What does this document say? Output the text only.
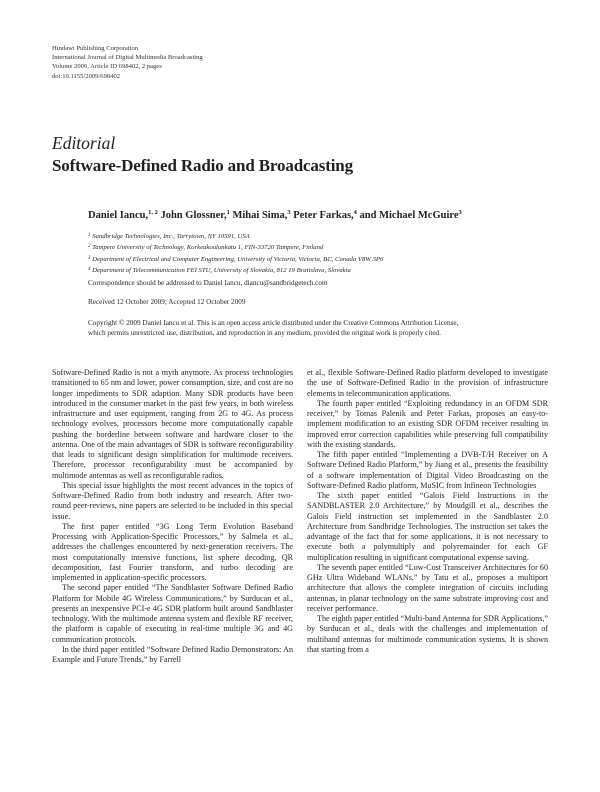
Hindawi Publishing Corporation
International Journal of Digital Multimedia Broadcasting
Volume 2009, Article ID 698402, 2 pages
doi:10.1155/2009/698402
Editorial
Software-Defined Radio and Broadcasting
Daniel Iancu,$^{1, 2}$ John Glossner,$^1$ Mihai Sima,$^3$ Peter Farkas,$^4$ and Michael McGuire$^3$
$^1$ Sandbridge Technologies, Inc., Tarrytown, NY 10591, USA
$^2$ Tampere University of Technology, Korkeakoulunkatu 1, FIN-33720 Tampere, Finland
$^3$ Department of Electrical and Computer Engineering, University of Victoria, Victoria, BC, Canada V8W 3P6
$^4$ Department of Telecommunication FEI STU, University of Slovakia, 812 19 Bratislava, Slovakia
Correspondence should be addressed to Daniel Iancu, diancu@sandbridgetech.com
Received 12 October 2009; Accepted 12 October 2009
Copyright © 2009 Daniel Iancu et al. This is an open access article distributed under the Creative Commons Attribution License,
which permits unrestricted use, distribution, and reproduction in any medium, provided the original work is properly cited.

Software-Defined Radio is not a myth anymore. As process technologies transitioned to 65 nm and lower, power consumption, size, and cost are no longer impediments to SDR adaption. Many SDR products have been introduced in the consumer market in the past few years, in both wireless infrastructure and user equipment, ranging from 2G to 4G. As process technology evolves, processors become more computationally capable pushing the borderline between software and hardware closer to the antenna. One of the main advantages of SDR is software reconfigurability that leads to significant design simplification for multimode receivers. Therefore, processor reconfigurability must be accompanied by multimode antennas as well as reconfigurable radios.

This special issue highlights the most recent advances in the topics of Software-Defined Radio from both industry and research. After two-round peer-reviews, nine papers are selected to be included in this special issue.

The first paper entitled “3G Long Term Evolution Baseband Processing with Application-Specific Processors,” by Salmela et al., addresses the challenges encountered by next-generation receivers. The most computationally intensive functions, list sphere decoding, QR decomposition, fast Fourier transform, and turbo decoding are implemented in application-specific processors.

The second paper entitled “The Sandblaster Software Defined Radio Platform for Mobile 4G Wireless Communications,” by Surducan et al., presents an inexpensive PCI-e 4G SDR platform built around Sandblaster technology. With the multimode antenna system and flexible RF receiver, the platform is capable of executing in real-time multiple 3G and 4G communication protocols.

In the third paper entitled “Software Defined Radio Demonstrators: An Example and Future Trends,” by Farrell

et al., flexible Software-Defined Radio platform developed to investigate the use of Software-Defined Radio in the provision of infrastructure elements in telecommunication applications.

The fourth paper entitled “Exploiting redundancy in an OFDM SDR receiver,” by Tomas Palenik and Peter Farkas, proposes an easy-to-implement modification to an existing SDR OFDM receiver resulting in improved error correction capabilities while preserving full compatibility with the existing standards.

The fifth paper entitled “Implementing a DVB-T/H Receiver on A Software Defined Radio Platform,” by Jiang et al., presents the feasibility of a software implementation of Digital Video Broadcasting on the Software-Defined Radio platform, MuSIC from Infineon Technologies

The sixth paper entitled “Galois Field Instructions in the SANDBLASTER 2.0 Architecture,” by Moudgill et al., describes the Galois Field instruction set implemented in the Sandblaster 2.0 Architecture from Sandbridge Technologies. The instruction set takes the advantage of the fact that for some applications, it is not necessary to execute both a polymultiply and polyremainder for each GF multiplication resulting in significant computational expense saving.

The seventh paper entitled “Low-Cost Transceiver Architectures for 60 GHz Ultra Wideband WLANs,” by Tatu et al., proposes a multiport architecture that allows the complete integration of circuits including antennas, in planar technology on the same substrate improving cost and receiver performance.

The eighth paper entitled “Multi-band Antenna for SDR Applications,” by Surducan et al., deals with the challenges and implementation of multiband antennas for multimode communication systems. It is shown that starting from a
